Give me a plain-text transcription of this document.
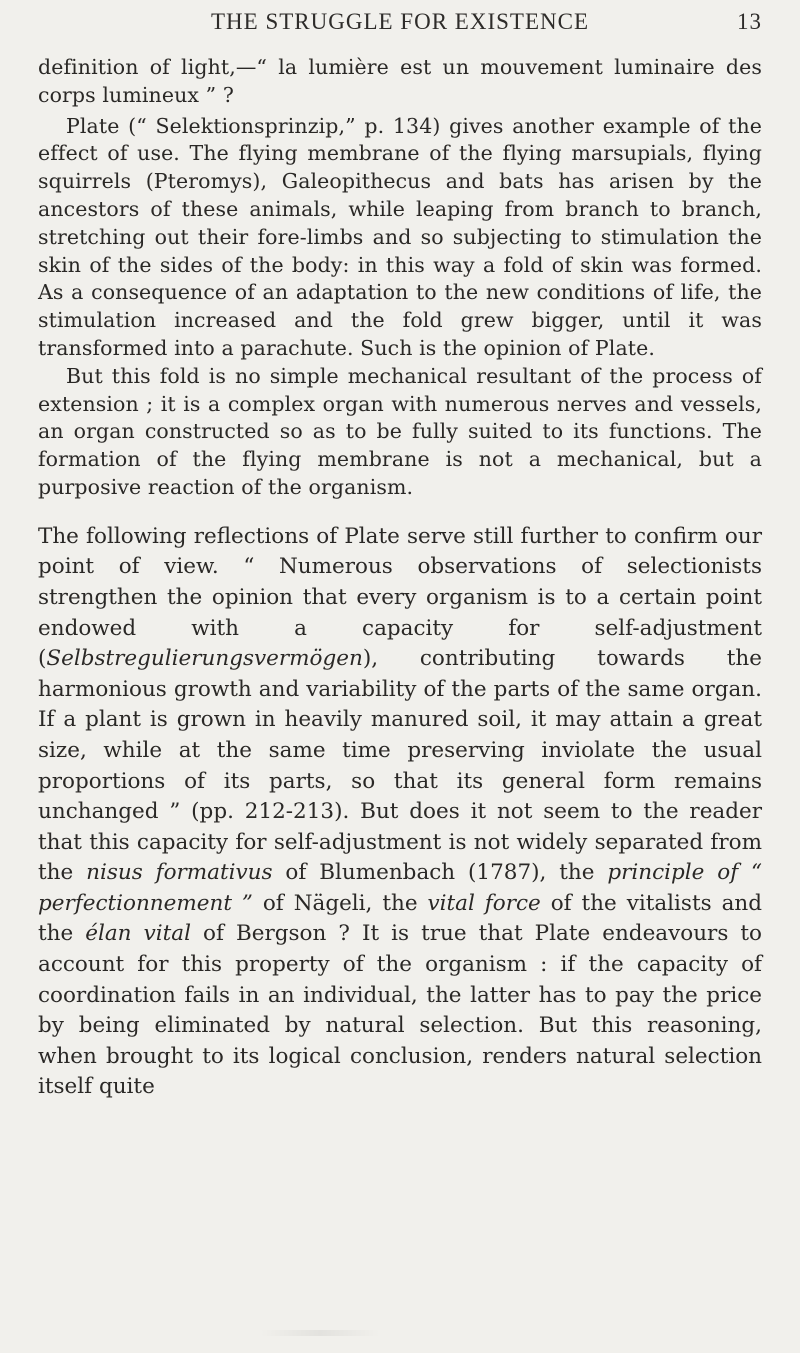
THE STRUGGLE FOR EXISTENCE	13

definition of light,—“ la lumière est un mouvement luminaire des corps lumineux ” ?

Plate (“ Selektionsprinzip,” p. 134) gives another example of the effect of use. The flying membrane of the flying marsupials, flying squirrels (Pteromys), Galeopithecus and bats has arisen by the ancestors of these animals, while leaping from branch to branch, stretching out their fore-limbs and so subjecting to stimulation the skin of the sides of the body: in this way a fold of skin was formed. As a consequence of an adaptation to the new conditions of life, the stimulation increased and the fold grew bigger, until it was transformed into a parachute. Such is the opinion of Plate.

But this fold is no simple mechanical resultant of the process of extension ; it is a complex organ with numerous nerves and vessels, an organ constructed so as to be fully suited to its functions. The formation of the flying membrane is not a mechanical, but a purposive reaction of the organism.

The following reflections of Plate serve still further to confirm our point of view. “ Numerous observations of selectionists strengthen the opinion that every organism is to a certain point endowed with a capacity for self-adjustment (Selbstregulierungsvermögen), contributing towards the harmonious growth and variability of the parts of the same organ. If a plant is grown in heavily manured soil, it may attain a great size, while at the same time preserving inviolate the usual proportions of its parts, so that its general form remains unchanged ” (pp. 212-213). But does it not seem to the reader that this capacity for self-adjustment is not widely separated from the nisus formativus of Blumenbach (1787), the principle of “ perfectionnement ” of Nägeli, the vital force of the vitalists and the élan vital of Bergson ? It is true that Plate endeavours to account for this property of the organism : if the capacity of coordination fails in an individual, the latter has to pay the price by being eliminated by natural selection. But this reasoning, when brought to its logical conclusion, renders natural selection itself quite
